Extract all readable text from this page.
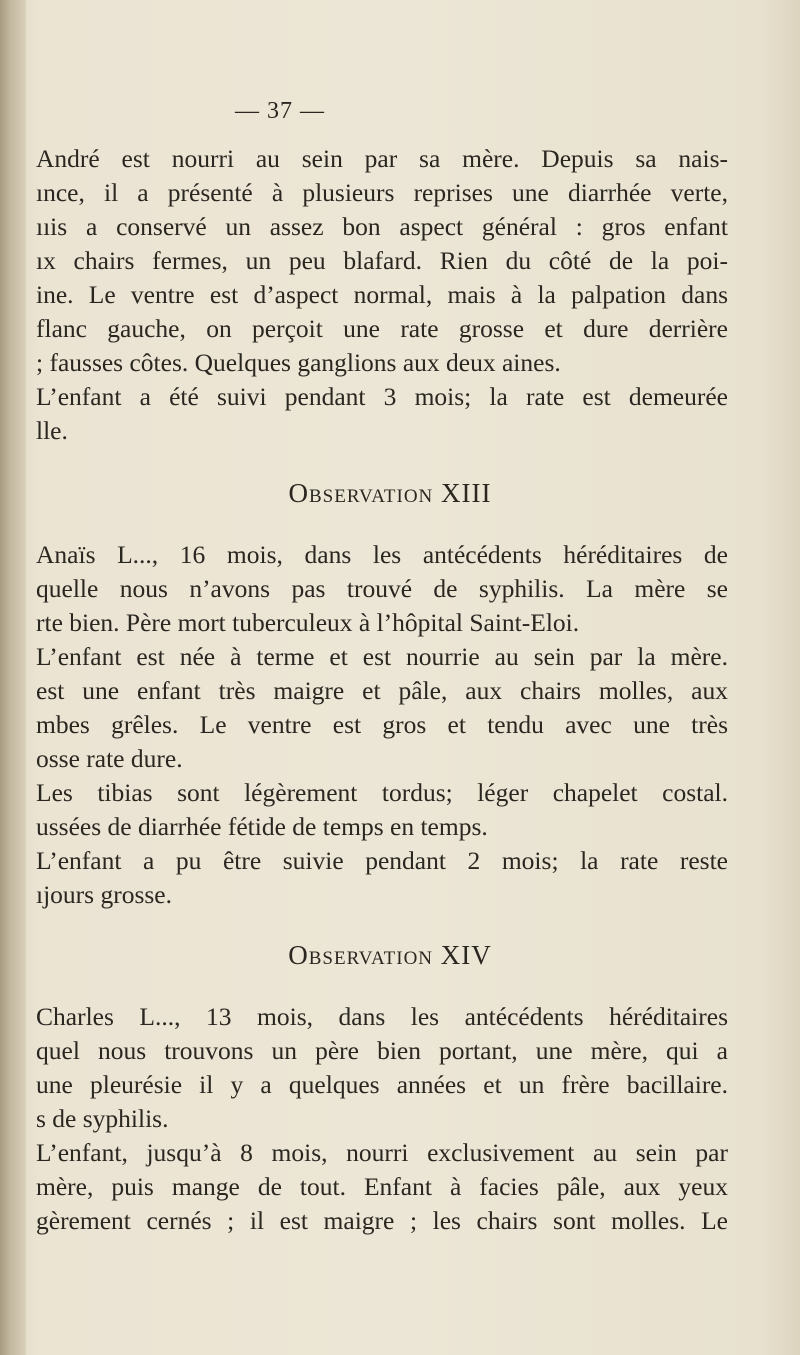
— 37 —
André est nourri au sein par sa mère. Depuis sa nais-
ınce, il a présenté à plusieurs reprises une diarrhée verte,
ııis a conservé un assez bon aspect général : gros enfant
ıx chairs fermes, un peu blafard. Rien du côté de la poi-
ine. Le ventre est d’aspect normal, mais à la palpation dans
flanc gauche, on perçoit une rate grosse et dure derrière
; fausses côtes. Quelques ganglions aux deux aines.
L’enfant a été suivi pendant 3 mois; la rate est demeurée
lle.
Observation XIII
Anaïs L..., 16 mois, dans les antécédents héréditaires de
quelle nous n’avons pas trouvé de syphilis. La mère se
rte bien. Père mort tuberculeux à l’hôpital Saint-Eloi.
L’enfant est née à terme et est nourrie au sein par la mère.
est une enfant très maigre et pâle, aux chairs molles, aux
mbes grêles. Le ventre est gros et tendu avec une très
osse rate dure.
Les tibias sont légèrement tordus; léger chapelet costal.
ussées de diarrhée fétide de temps en temps.
L’enfant a pu être suivie pendant 2 mois; la rate reste
ıjours grosse.
Observation XIV
Charles L..., 13 mois, dans les antécédents héréditaires
quel nous trouvons un père bien portant, une mère, qui a
une pleurésie il y a quelques années et un frère bacillaire.
s de syphilis.
L’enfant, jusqu’à 8 mois, nourri exclusivement au sein par
mère, puis mange de tout. Enfant à facies pâle, aux yeux
gèrement cernés ; il est maigre ; les chairs sont molles. Le
